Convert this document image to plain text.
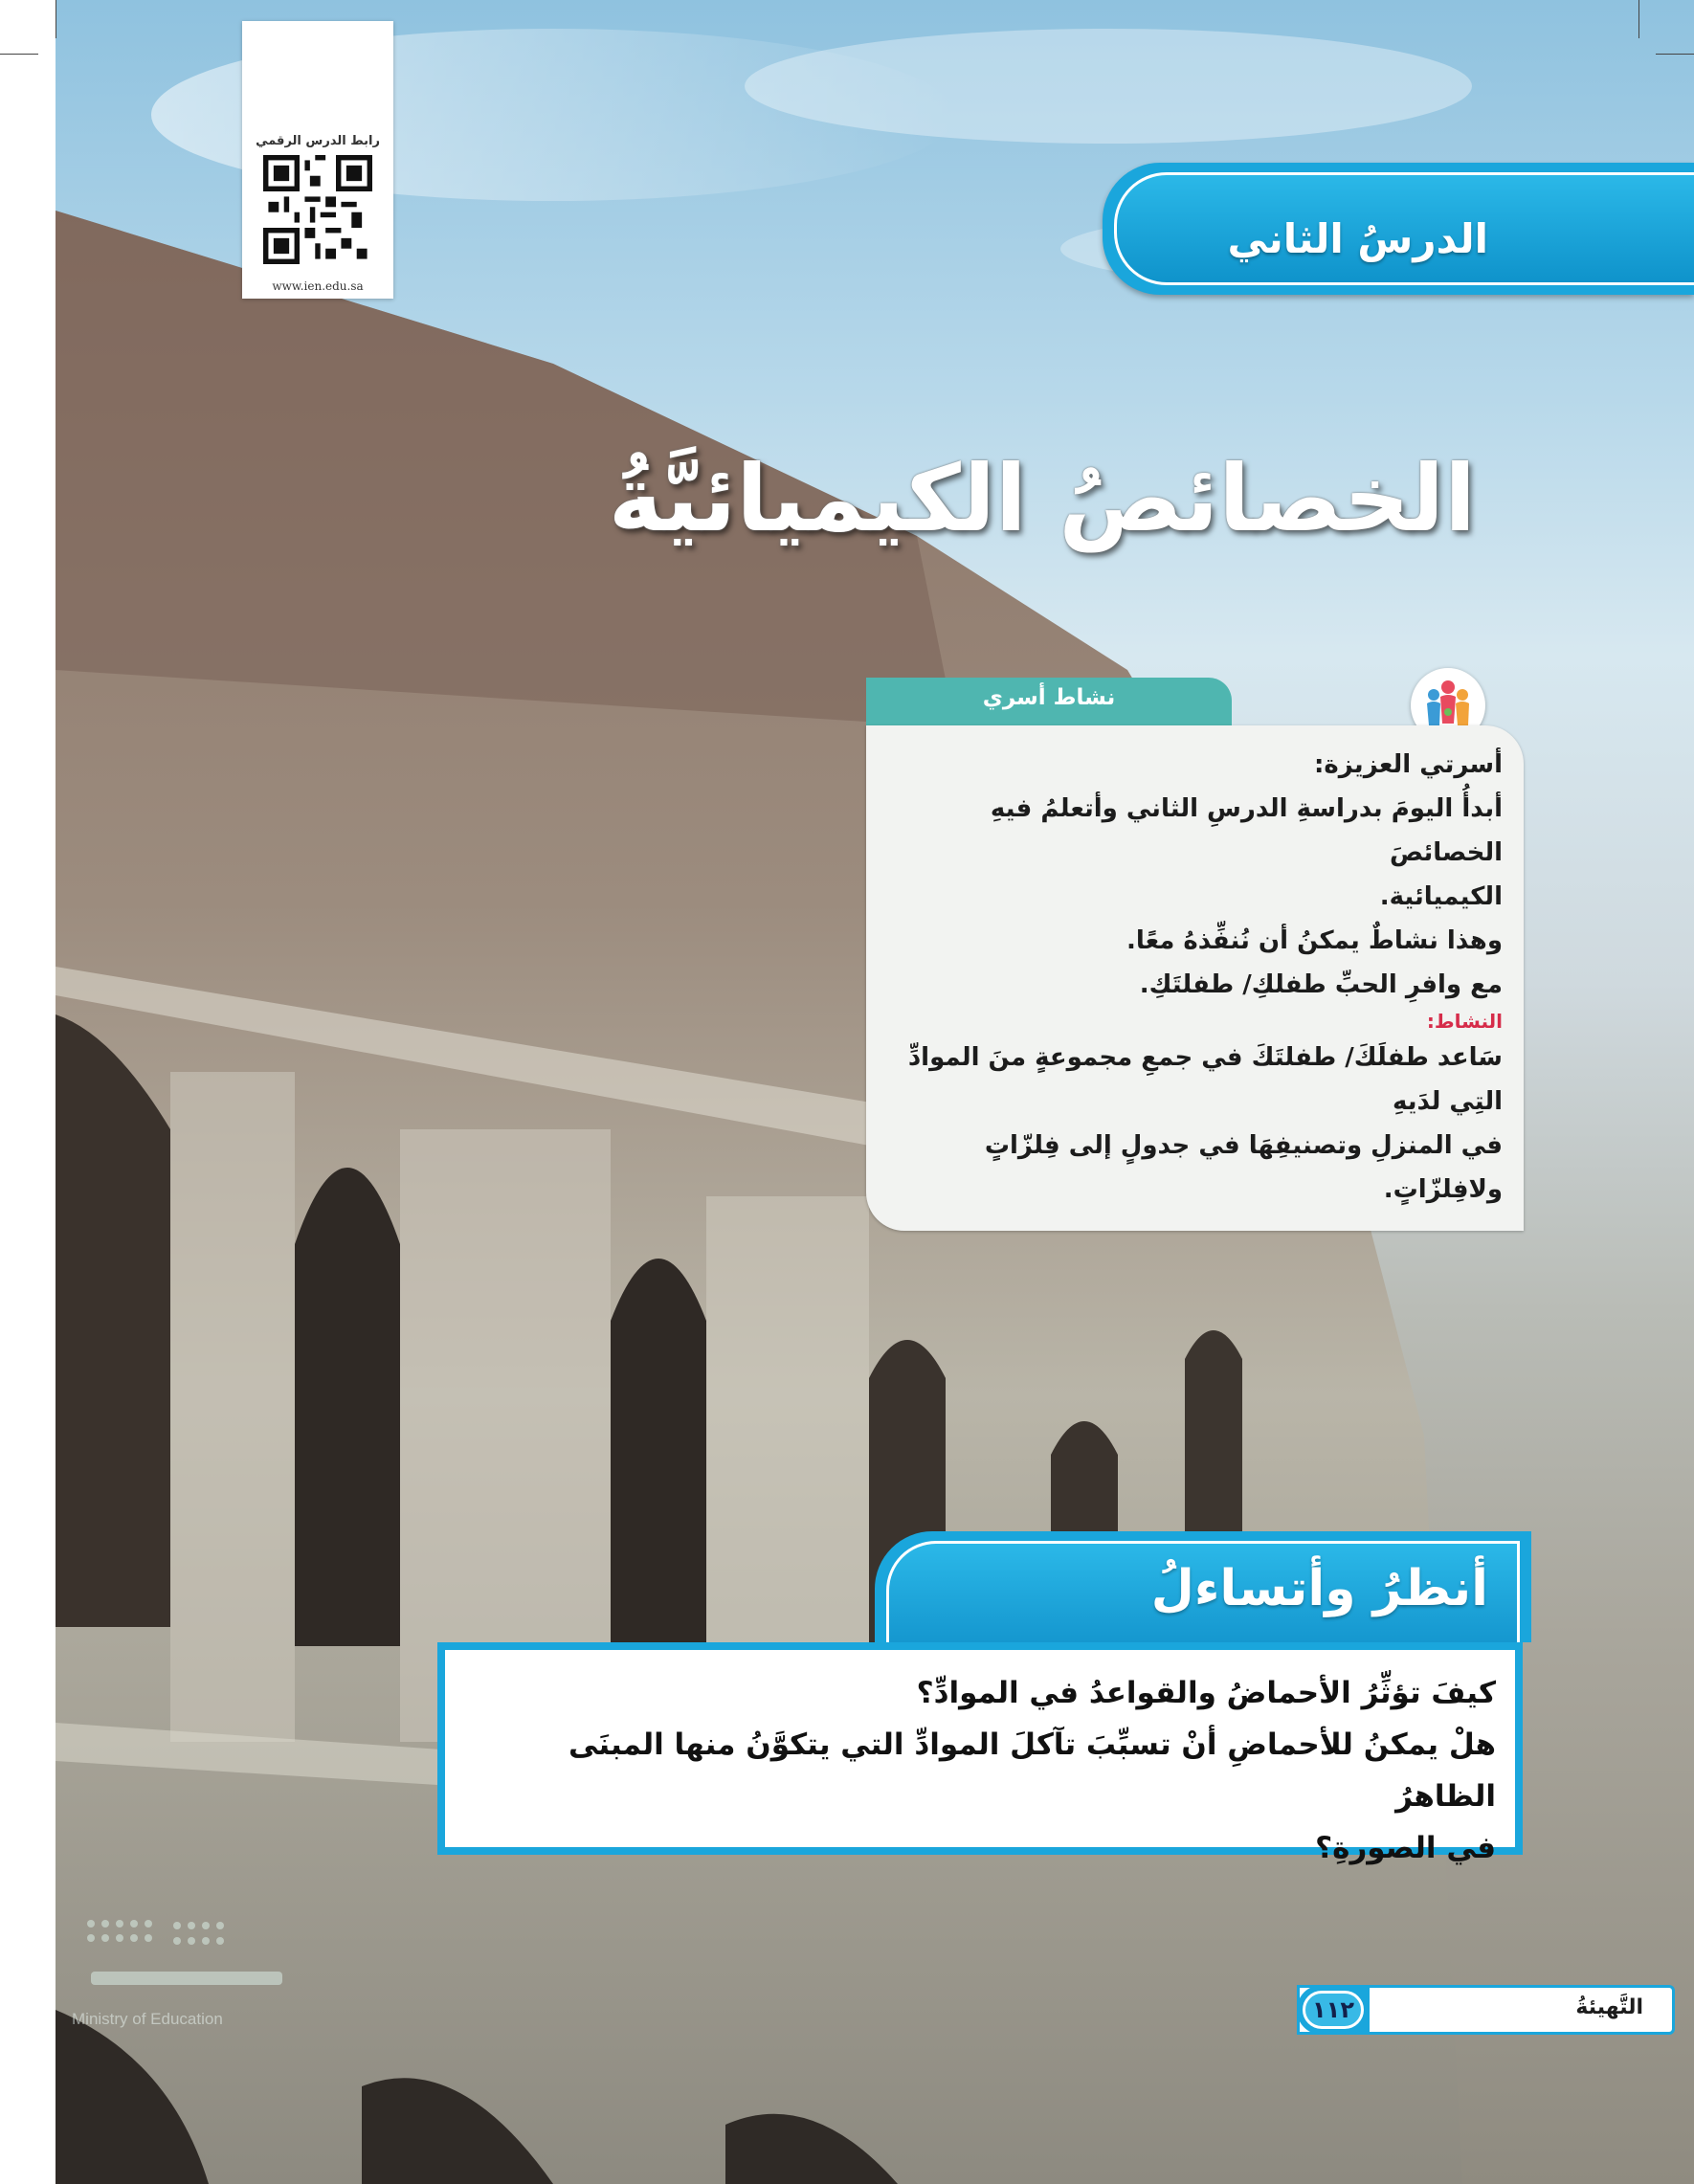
رابط الدرس الرقمي
www.ien.edu.sa
الدرسُ الثاني
الخصائصُ الكيميائيَّةُ
نشاط أسري
أسرتي العزيزة:
أبدأُ اليومَ بدراسةِ الدرسِ الثاني وأتعلمُ فيهِ الخصائصَ
الكيميائية.
وهذا نشاطٌ يمكنُ أن نُنفِّذهُ معًا.
مع وافرِ الحبِّ طفلكِ/ طفلتَكِ.
النشاط:
سَاعد طفلَكَ/ طفلتَكَ في جمعِ مجموعةٍ منَ الموادِّ التِي لدَيهِ
في المنزلِ وتصنيفِهَا في جدولٍ إلى فِلزّاتٍ ولافِلزّاتٍ.
أنظرُ وأتساءلُ
كيفَ تؤثِّرُ الأحماضُ والقواعدُ في الموادِّ؟
هلْ يمكنُ للأحماضِ أنْ تسبِّبَ تآكلَ الموادِّ التي يتكوَّنُ منها المبنَى الظاهرُ
في الصورةِ؟
Ministry of Education	التَّهيئةُ
١١٢
